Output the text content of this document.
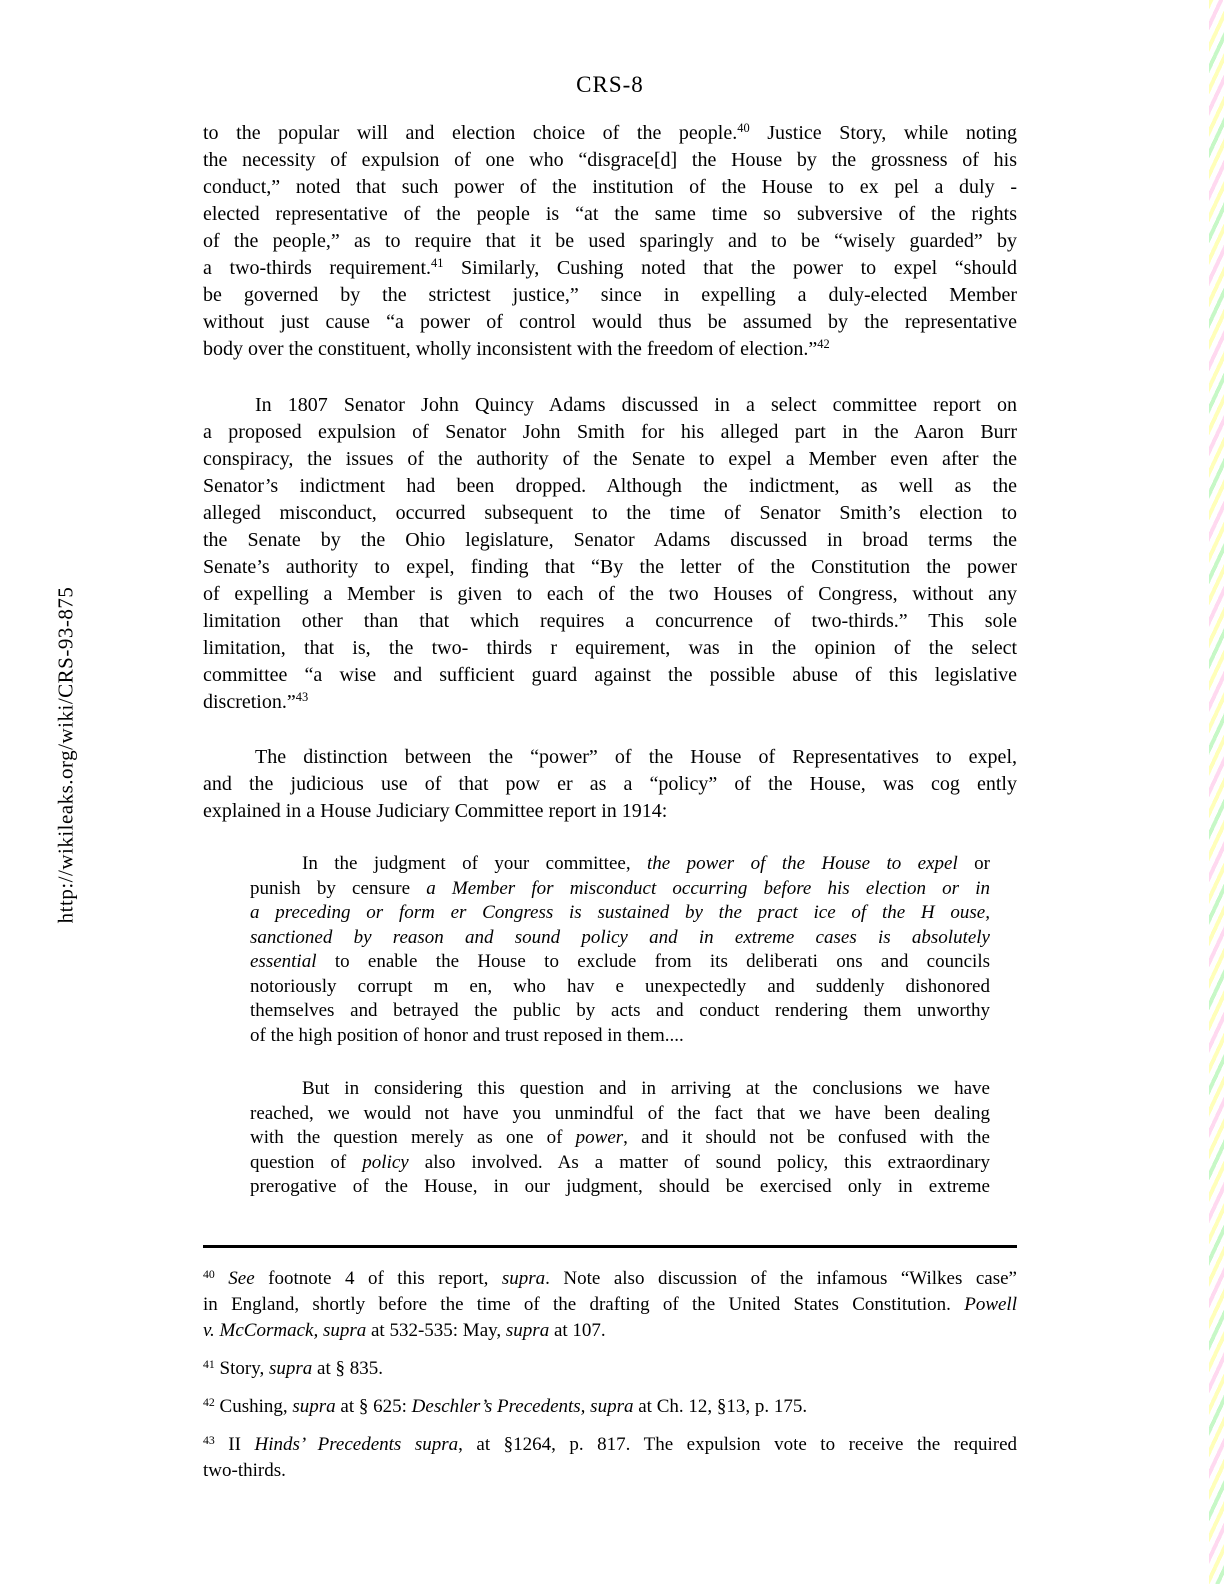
http://wikileaks.org/wiki/CRS-93-875
CRS-8
to the popular will and election choice of the people.$^{40}$ Justice Story, while noting
the necessity of expulsion of one who “disgrace[d] the House by the grossness of his
conduct,” noted that such power of the institution of the House to ex pel a duly -
elected representative of the people is “at the same time so subversive of the rights
of the people,” as to require that it be used sparingly and to be “wisely guarded” by
a two-thirds requirement.$^{41}$ Similarly, Cushing noted that the power to expel “should
be governed by the strictest justice,” since in expelling a duly-elected Member
without just cause “a power of control would thus be assumed by the representative
body over the constituent, wholly inconsistent with the freedom of election.”$^{42}$
In 1807 Senator John Quincy Adams discussed in a select committee report on
a proposed expulsion of Senator John Smith for his alleged part in the Aaron Burr
conspiracy, the issues of the authority of the Senate to expel a Member even after the
Senator’s indictment had been dropped. Although the indictment, as well as the
alleged misconduct, occurred subsequent to the time of Senator Smith’s election to
the Senate by the Ohio legislature, Senator Adams discussed in broad terms the
Senate’s authority to expel, finding that “By the letter of the Constitution the power
of expelling a Member is given to each of the two Houses of Congress, without any
limitation other than that which requires a concurrence of two-thirds.” This sole
limitation, that is, the two- thirds r equirement, was in the opinion of the select
committee “a wise and sufficient guard against the possible abuse of this legislative
discretion.”$^{43}$
The distinction between the “power” of the House of Representatives to expel,
and the judicious use of that pow er as a “policy” of the House, was cog ently
explained in a House Judiciary Committee report in 1914:
In the judgment of your committee, the power of the House to expel or
punish by censure a Member for misconduct occurring before his election or in
a preceding or form er Congress is sustained by the pract ice of the H ouse,
sanctioned by reason and sound policy and in extreme cases is absolutely
essential to enable the House to exclude from its deliberati ons and councils
notoriously corrupt m en, who hav e unexpectedly and suddenly dishonored
themselves and betrayed the public by acts and conduct rendering them unworthy
of the high position of honor and trust reposed in them....
But in considering this question and in arriving at the conclusions we have
reached, we would not have you unmindful of the fact that we have been dealing
with the question merely as one of power, and it should not be confused with the
question of policy also involved. As a matter of sound policy, this extraordinary
prerogative of the House, in our judgment, should be exercised only in extreme
$^{40}$ See footnote 4 of this report, supra. Note also discussion of the infamous “Wilkes case”
in England, shortly before the time of the drafting of the United States Constitution. Powell
v. McCormack, supra at 532-535: May, supra at 107.
$^{41}$ Story, supra at § 835.
$^{42}$ Cushing, supra at § 625: Deschler’s Precedents, supra at Ch. 12, §13, p. 175.
$^{43}$ II Hinds’ Precedents supra, at §1264, p. 817. The expulsion vote to receive the required
two-thirds.
